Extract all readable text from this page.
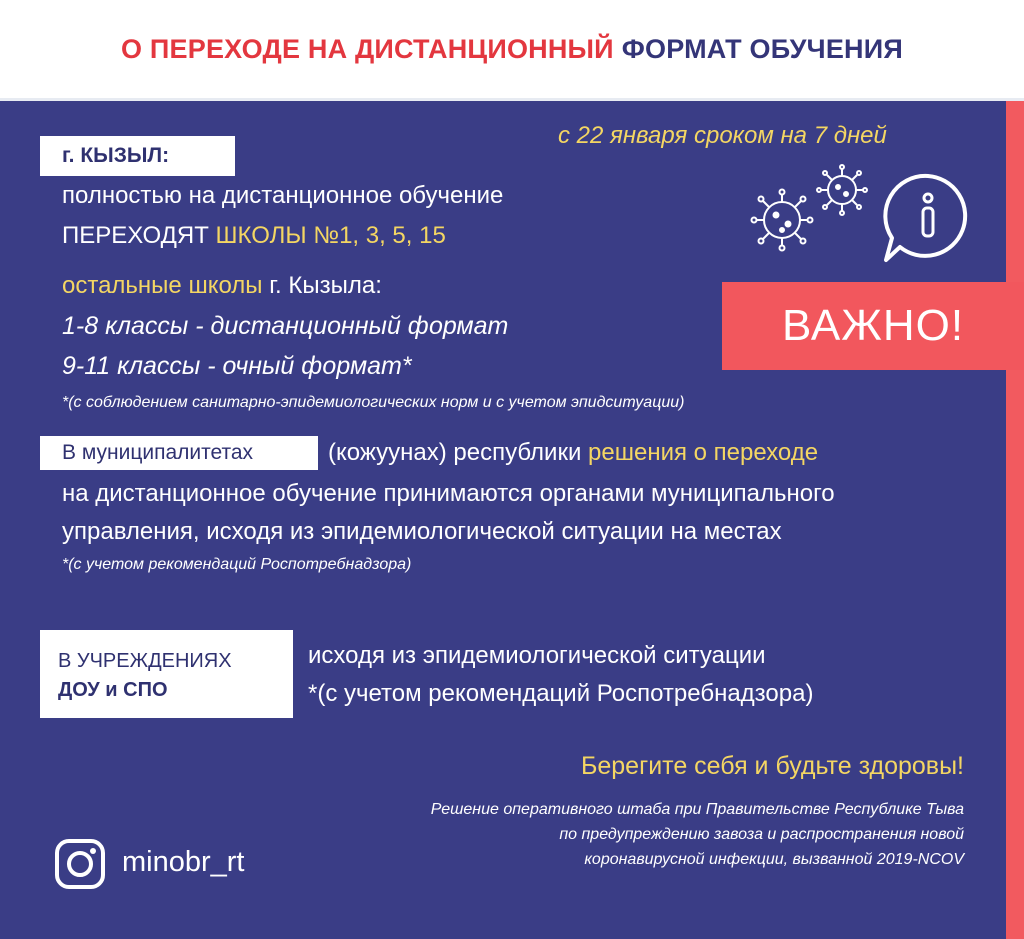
О ПЕРЕХОДЕ НА ДИСТАНЦИОННЫЙ ФОРМАТ ОБУЧЕНИЯ
с 22 января сроком на 7 дней
г. КЫЗЫЛ:
полностью на дистанционное обучение
ПЕРЕХОДЯТ ШКОЛЫ №1, 3, 5, 15
остальные школы г. Кызыла:
1-8 классы - дистанционный формат
9-11 классы - очный формат*
*(с соблюдением санитарно-эпидемиологических норм и с учетом эпидситуации)
ВАЖНО!
В муниципалитетах	(кожуунах) республики решения о переходе
на дистанционное обучение принимаются органами муниципального
управления, исходя из эпидемиологической ситуации на местах
*(с учетом рекомендаций Роспотребнадзора)
В УЧРЕЖДЕНИЯХ
ДОУ и СПО
исходя из эпидемиологической ситуации
*(с учетом рекомендаций Роспотребнадзора)
Берегите себя и будьте здоровы!
Решение оперативного штаба при Правительстве Республике Тыва
по предупреждению завоза и распространения новой
коронавирусной инфекции, вызванной 2019-NCOV
minobr_rt
